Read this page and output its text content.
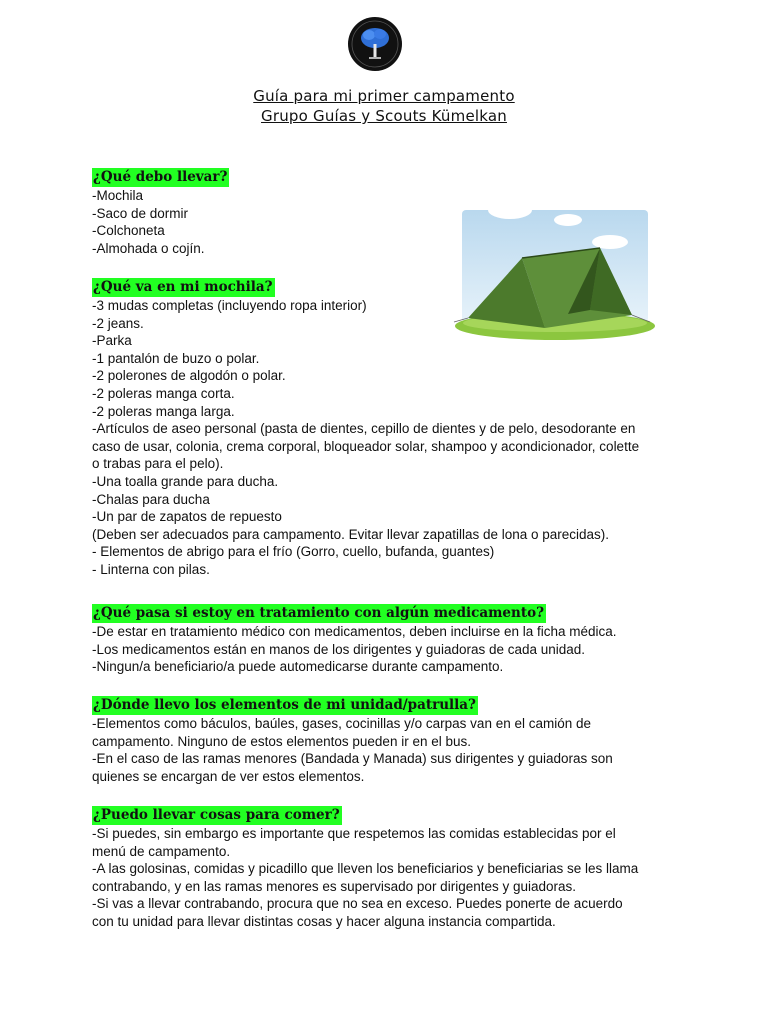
Guía para mi primer campamento
Grupo Guías y Scouts Kümelkan
¿Qué debo llevar?
-Mochila
-Saco de dormir
-Colchoneta
-Almohada o cojín.
¿Qué va en mi mochila?
-3 mudas completas (incluyendo ropa interior)
-2 jeans.
-Parka
-1 pantalón de buzo o polar.
-2 polerones de algodón o polar.
-2 poleras manga corta.
-2 poleras manga larga.
-Artículos de aseo personal (pasta de dientes, cepillo de dientes y de pelo, desodorante en
caso de usar, colonia, crema corporal, bloqueador solar, shampoo y acondicionador, colette
o trabas para el pelo).
-Una toalla grande para ducha.
-Chalas para ducha
-Un par de zapatos de repuesto
(Deben ser adecuados para campamento. Evitar llevar zapatillas de lona o parecidas).
- Elementos de abrigo para el frío (Gorro, cuello, bufanda, guantes)
- Linterna con pilas.
¿Qué pasa si estoy en tratamiento con algún medicamento?
-De estar en tratamiento médico con medicamentos, deben incluirse en la ficha médica.
-Los medicamentos están en manos de los dirigentes y guiadoras de cada unidad.
-Ningun/a beneficiario/a puede automedicarse durante campamento.
¿Dónde llevo los elementos de mi unidad/patrulla?
-Elementos como báculos, baúles, gases, cocinillas y/o carpas van en el camión de
campamento. Ninguno de estos elementos pueden ir en el bus.
-En el caso de las ramas menores (Bandada y Manada) sus dirigentes y guiadoras son
quienes se encargan de ver estos elementos.
¿Puedo llevar cosas para comer?
-Si puedes, sin embargo es importante que respetemos las comidas establecidas por el
menú de campamento.
-A las golosinas, comidas y picadillo que lleven los beneficiarios y beneficiarias se les llama
contrabando, y en las ramas menores es supervisado por dirigentes y guiadoras.
-Si vas a llevar contrabando, procura que no sea en exceso. Puedes ponerte de acuerdo
con tu unidad para llevar distintas cosas y hacer alguna instancia compartida.
